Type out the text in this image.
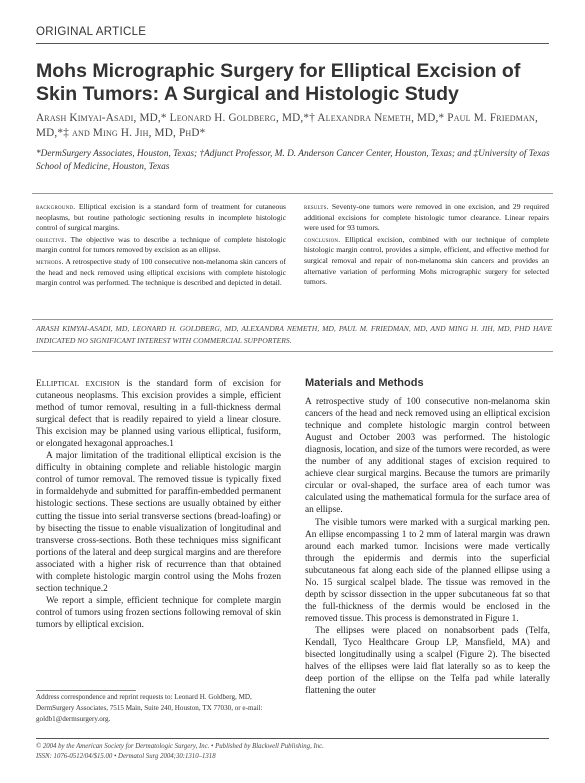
ORIGINAL ARTICLE
Mohs Micrographic Surgery for Elliptical Excision of Skin Tumors: A Surgical and Histologic Study
Arash Kimyai-Asadi, MD,* Leonard H. Goldberg, MD,*† Alexandra Nemeth, MD,* Paul M. Friedman, MD,*‡ and Ming H. Jih, MD, PhD*
*DermSurgery Associates, Houston, Texas; †Adjunct Professor, M. D. Anderson Cancer Center, Houston, Texas; and ‡University of Texas School of Medicine, Houston, Texas

background. Elliptical excision is a standard form of treatment for cutaneous neoplasms, but routine pathologic sectioning results in incomplete histologic control of surgical margins.

objective. The objective was to describe a technique of complete histologic margin control for tumors removed by excision as an ellipse.

methods. A retrospective study of 100 consecutive non-melanoma skin cancers of the head and neck removed using elliptical excisions with complete histologic margin control was performed. The technique is described and depicted in detail.

results. Seventy-one tumors were removed in one excision, and 29 required additional excisions for complete histologic tumor clearance. Linear repairs were used for 93 tumors.

conclusion. Elliptical excision, combined with our technique of complete histologic margin control, provides a simple, efficient, and effective method for surgical removal and repair of non-melanoma skin cancers and provides an alternative variation of performing Mohs micrographic surgery for selected tumors.

ARASH KIMYAI-ASADI, MD, LEONARD H. GOLDBERG, MD, ALEXANDRA NEMETH, MD, PAUL M. FRIEDMAN, MD, AND MING H. JIH, MD, PHD HAVE INDICATED NO SIGNIFICANT INTEREST WITH COMMERCIAL SUPPORTERS.

Elliptical excision is the standard form of excision for cutaneous neoplasms. This excision provides a simple, efficient method of tumor removal, resulting in a full-thickness dermal surgical defect that is readily repaired to yield a linear closure. This excision may be planned using various elliptical, fusiform, or elongated hexagonal approaches.1

A major limitation of the traditional elliptical excision is the difficulty in obtaining complete and reliable histologic margin control of tumor removal. The removed tissue is typically fixed in formaldehyde and submitted for paraffin-embedded permanent histologic sections. These sections are usually obtained by either cutting the tissue into serial transverse sections (bread-loafing) or by bisecting the tissue to enable visualization of longitudinal and transverse cross-sections. Both these techniques miss significant portions of the lateral and deep surgical margins and are therefore associated with a higher risk of recurrence than that obtained with complete histologic margin control using the Mohs frozen section technique.2

We report a simple, efficient technique for complete margin control of tumors using frozen sections following removal of skin tumors by elliptical excision.

Materials and Methods

A retrospective study of 100 consecutive non-melanoma skin cancers of the head and neck removed using an elliptical excision technique and complete histologic margin control between August and October 2003 was performed. The histologic diagnosis, location, and size of the tumors were recorded, as were the number of any additional stages of excision required to achieve clear surgical margins. Because the tumors are primarily circular or oval-shaped, the surface area of each tumor was calculated using the mathematical formula for the surface area of an ellipse.

The visible tumors were marked with a surgical marking pen. An ellipse encompassing 1 to 2 mm of lateral margin was drawn around each marked tumor. Incisions were made vertically through the epidermis and dermis into the superficial subcutaneous fat along each side of the planned ellipse using a No. 15 surgical scalpel blade. The tissue was removed in the depth by scissor dissection in the upper subcutaneous fat so that the full-thickness of the dermis would be enclosed in the removed tissue. This process is demonstrated in Figure 1.

The ellipses were placed on nonabsorbent pads (Telfa, Kendall, Tyco Healthcare Group LP, Mansfield, MA) and bisected longitudinally using a scalpel (Figure 2). The bisected halves of the ellipses were laid flat laterally so as to keep the deep portion of the ellipse on the Telfa pad while laterally flattening the outer

Address correspondence and reprint requests to: Leonard H. Goldberg, MD, DermSurgery Associates, 7515 Main, Suite 240, Houston, TX 77030, or e-mail: goldb1@dermsurgery.org.
© 2004 by the American Society for Dermatologic Surgery, Inc. • Published by Blackwell Publishing, Inc.
ISSN: 1076-0512/04/$15.00 • Dermatol Surg 2004;30:1310–1318
